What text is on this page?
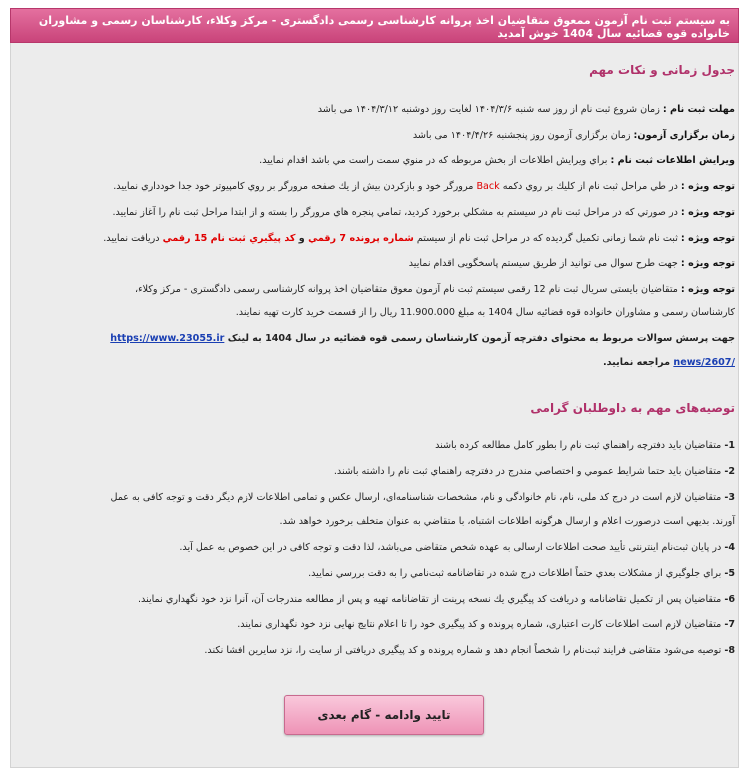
به سیستم ثبت نام آزمون ممعوق متقاضیان اخذ پروانه کارشناسی رسمی دادگستری - مرکز وکلاء، کارشناسان رسمی و مشاوران خانواده قوه قضائیه سال 1404 خوش آمدید
جدول زمانی و نکات مهم
مهلت ثبت نام : زمان شروع ثبت نام از روز سه شنبه ۱۴۰۴/۳/۶ لغایت روز دوشنبه ۱۴۰۴/۳/۱۲ می باشد
زمان برگزاری آزمون: زمان برگزاری آزمون روز پنجشنبه ۱۴۰۴/۴/۲۶ می باشد
ویرایش اطلاعات ثبت نام : براي ويرايش اطلاعات از بخش مربوطه كه در منوي سمت راست مي باشد اقدام نماييد.
توجه ویژه : در طي مراحل ثبت نام از كليك بر روي دكمه Back مرورگر خود و بازكردن بيش از يك صفحه مرورگر بر روي كامپيوتر خود جدا خودداري نماييد.
توجه ویژه : در صورتي كه در مراحل ثبت نام در سيستم به مشكلي برخورد كرديد، تمامي پنجره هاي مرورگر را بسته و از ابتدا مراحل ثبت نام را آغاز نماييد.
توجه ویژه : ثبت نام شما زمانی تکمیل گردیده که در مراحل ثبت نام از سیستم شماره پرونده 7 رقمي و كد پيگيري ثبت نام 15 رقمي دريافت نماييد.
توجه ویژه : جهت طرح سوال می توانید از طریق سیستم پاسخگویی اقدام نمایید
توجه ویژه : متقاضیان بایستی سریال ثبت نام 12 رقمی سیستم ثبت نام آزمون معوق متقاضیان اخذ پروانه کارشناسی رسمی دادگستری - مرکز وکلاء،
کارشناسان رسمی و مشاوران خانواده قوه قضائیه سال 1404 به مبلغ 11.900.000 ریال را از قسمت خرید کارت تهیه نمایند.
جهت پرسش سوالات مربوط به محتوای دفترچه آزمون کارشناسان رسمی قوه قضائیه در سال 1404 به لینک https://www.23055.ir
/news/2607 مراجعه نمایید.
توصیه‌های مهم به داوطلبان گرامی
1- متقاضيان بايد دفترچه راهنماي ثبت نام را بطور كامل مطالعه كرده باشند
2- متقاضيان بايد حتما شرايط عمومي و اختصاصي مندرج در دفترچه راهنماي ثبت نام را داشته باشند.
3- متقاضیان لازم است در درج کد ملی، نام، نام خانوادگی و نام، مشخصات شناسنامه‌ای، ارسال عکس و تمامی اطلاعات لازم دیگر دقت و توجه کافی به عمل
آورند. بديهي است درصورت اعلام و ارسال هرگونه اطلاعات اشتباه، با متقاضي به عنوان متخلف برخورد خواهد شد.
4- در پایان ثبت‌نام اینترنتی تأیید صحت اطلاعات ارسالی به عهده شخص متقاضی می‌باشد، لذا دقت و توجه کافی در این خصوص به عمل آید.
5- براي جلوگيري از مشكلات بعدي حتماً اطلاعات درج شده در تقاضانامه ثبت‌نامي را به دقت بررسي نماييد.
6- متقاضيان پس از تكميل تقاضانامه و دريافت كد پيگيري يك نسخه پرينت از تقاضانامه تهيه و پس از مطالعه مندرجات آن، آنرا نزد خود نگهداري نمايند.
7- متقاضیان لازم است اطلاعات کارت اعتباری، شماره پرونده و کد پیگیری خود را تا اعلام نتايج نهایی نزد خود نگهداری نمایند.
8- توصیه می‌شود متقاضی فرایند ثبت‌نام را شخصاً انجام دهد و شماره پرونده و کد پیگیری دریافتی از سایت را، نزد سایرین افشا نکند.
تایید وادامه - گام بعدی
